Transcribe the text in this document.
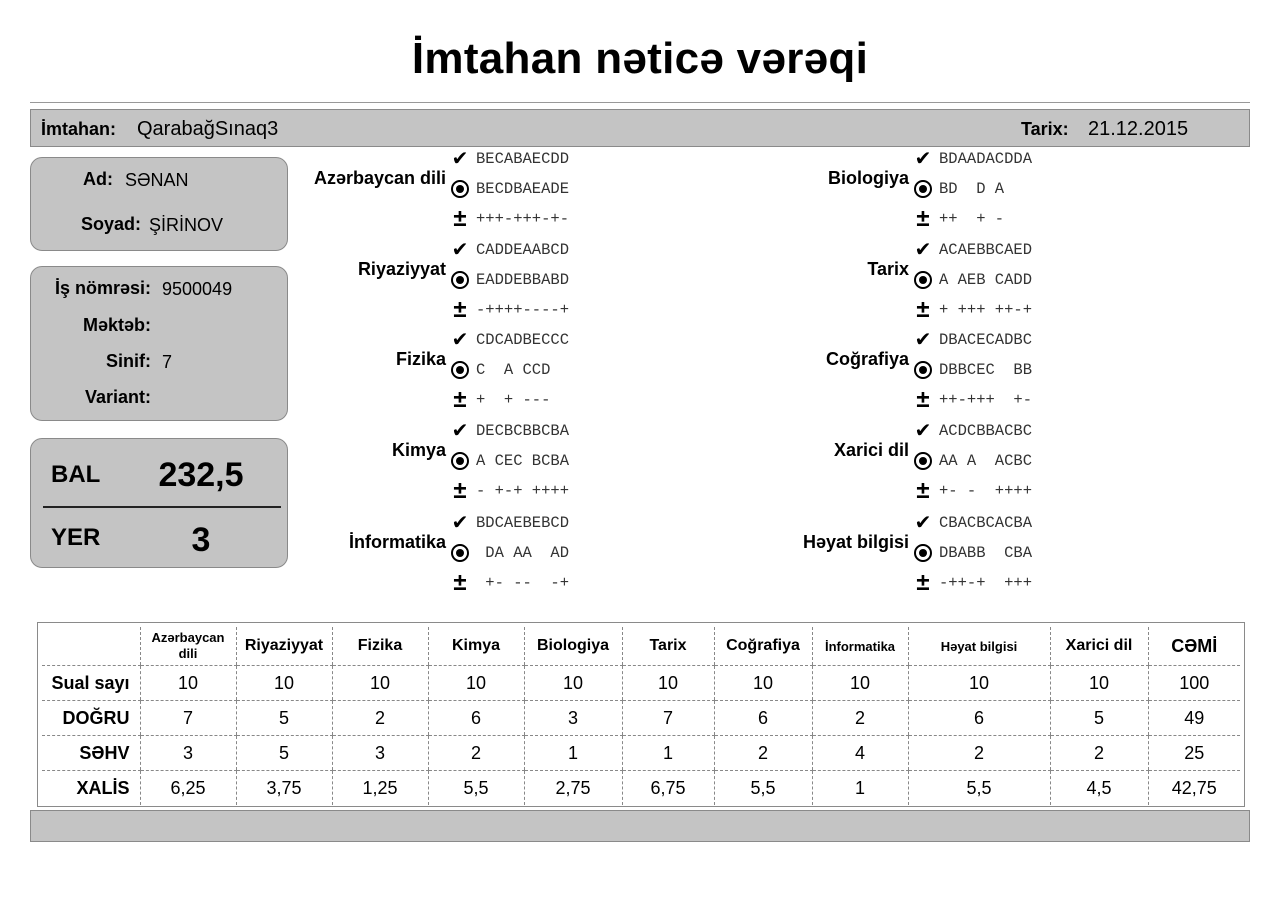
İmtahan nəticə vərəqi
İmtahan: QarabağSınaq3	Tarix: 21.12.2015
Ad: SƏNAN
Soyad: ŞİRİNOV
İş nömrəsi: 9500049
Məktəb:
Sinif: 7
Variant:
BAL	232,5
YER	3
Azərbaycan dili
✔ BECABAECDD
BECDBAEADE
± +++-+++-+-
Riyaziyyat
✔ CADDEAABCD
EADDEBBABD
± -++++----+
Fizika
✔ CDCADBECCC
C  A CCD
± +  + ---
Kimya
✔ DECBCBBCBA
A CEC BCBA
± - +-+ ++++
İnformatika
✔ BDCAEBEBCD
DA AA  AD
± +- --  -+
Biologiya
✔ BDAADACDDA
BD  D A
± ++  + -
Tarix
✔ ACAEBBCAED
A AEB CADD
± + +++ ++-+
Coğrafiya
✔ DBACECADBC
DBBCEC  BB
± ++-+++  +-
Xarici dil
✔ ACDCBBACBC
AA A  ACBC
± +- -  ++++
Həyat bilgisi
✔ CBACBCACBA
DBABB  CBA
± -++-+  +++
	Azərbaycan dili	Riyaziyyat	Fizika	Kimya	Biologiya	Tarix	Coğrafiya	İnformatika	Həyat bilgisi	Xarici dil	CƏMİ
Sual sayı	10	10	10	10	10	10	10	10	10	10	100
DOĞRU	7	5	2	6	3	7	6	2	6	5	49
SƏHV	3	5	3	2	1	1	2	4	2	2	25
XALİS	6,25	3,75	1,25	5,5	2,75	6,75	5,5	1	5,5	4,5	42,75
